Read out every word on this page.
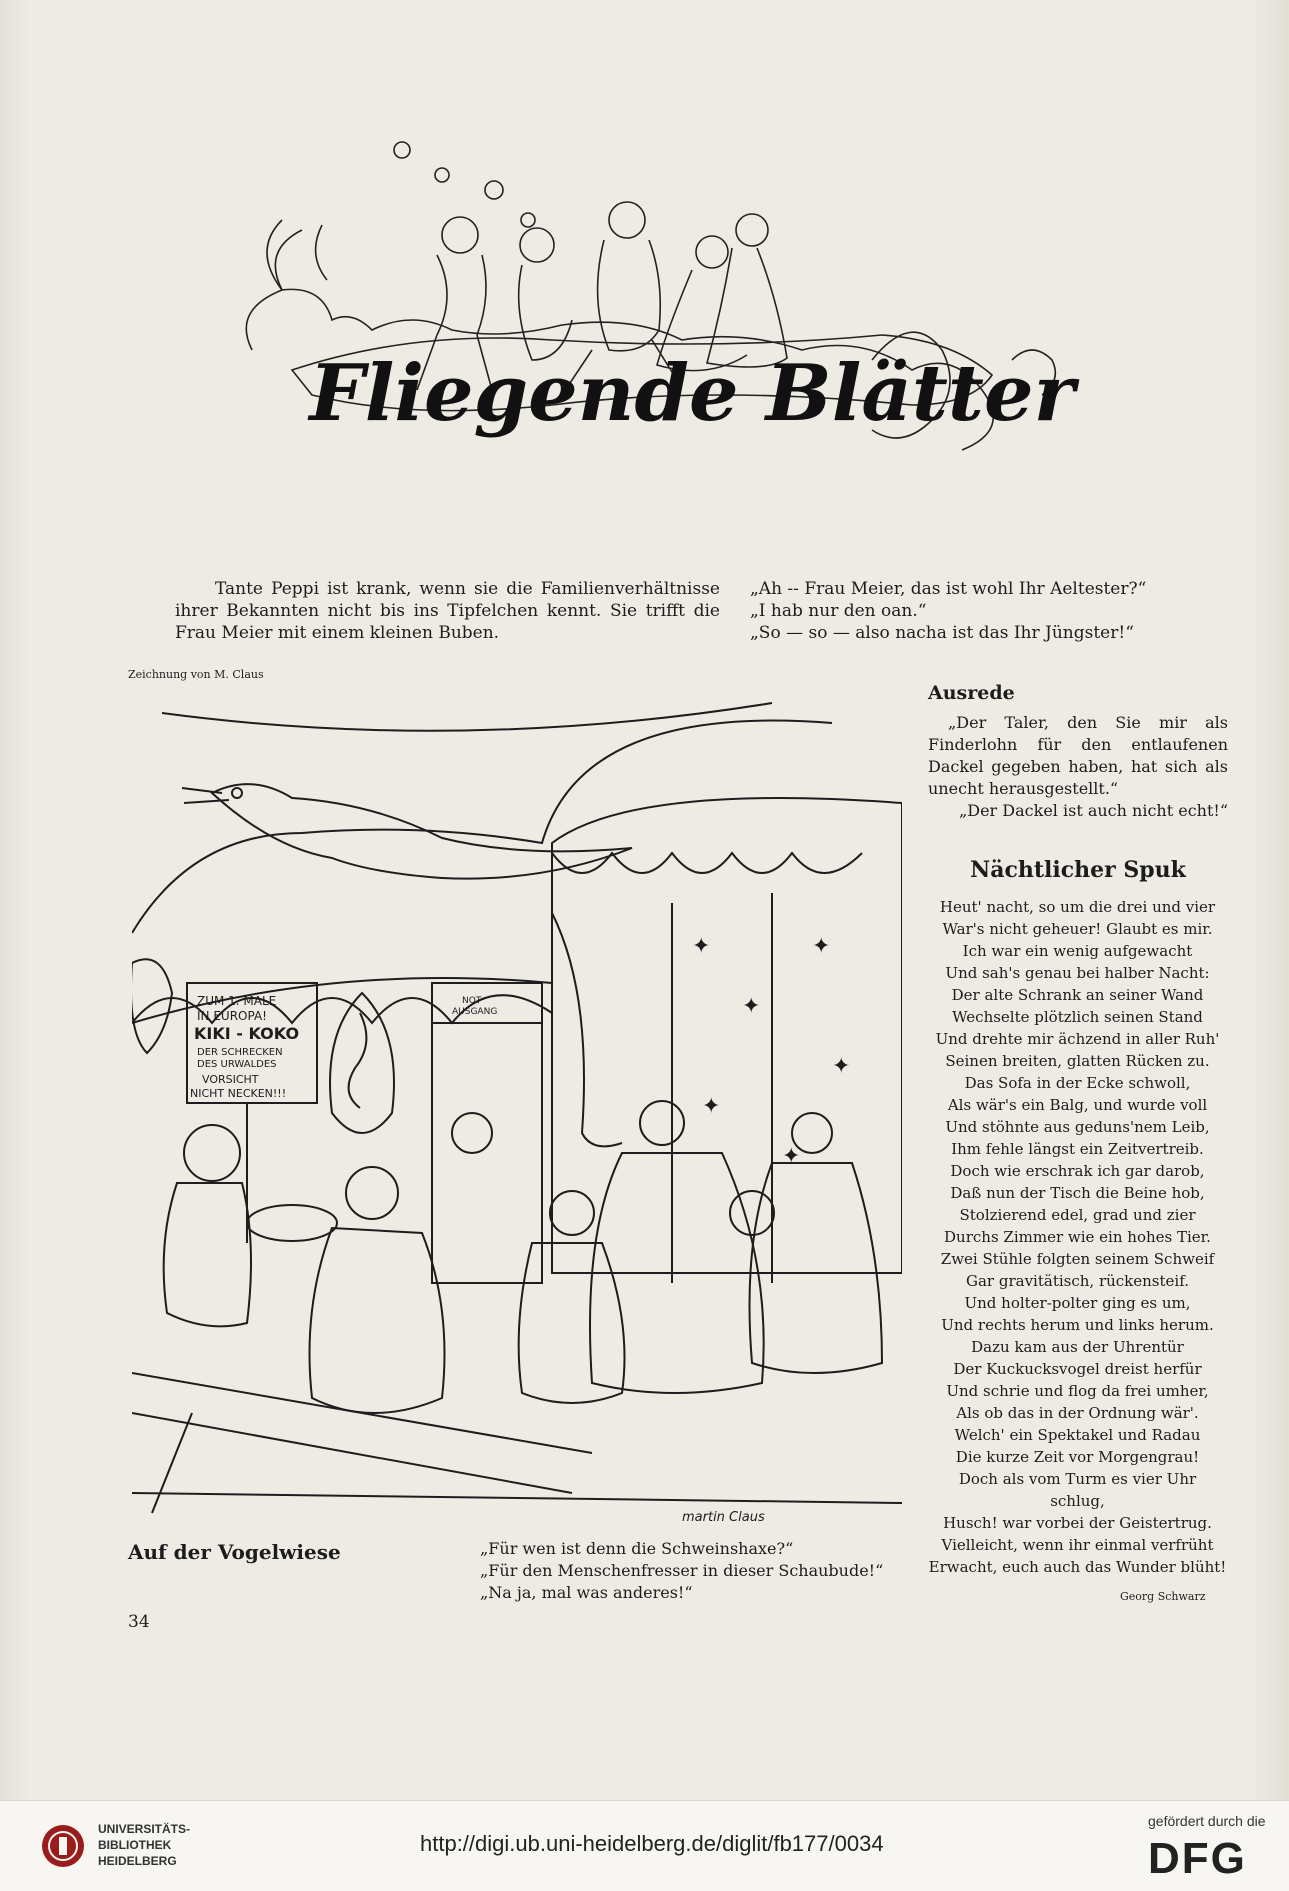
Fliegende Blätter
Tante Peppi ist krank, wenn sie die Familienverhältnisse ihrer Bekannten nicht bis ins Tipfelchen kennt. Sie trifft die Frau Meier mit einem kleinen Buben.

„Ah -- Frau Meier, das ist wohl Ihr Aeltester?“

„I hab nur den oan.“

„So — so — also nacha ist das Ihr Jüngster!“

Zeichnung von M. Claus
✦
✦
✦
✦
✦
✦
ZUM 1. MALE
IN EUROPA!
KIKI - KOKO
DER SCHRECKEN
DES URWALDES
VORSICHT
NICHT NECKEN!!!
NOT
AUSGANG
martin Claus
Ausrede

„Der Taler, den Sie mir als Finderlohn für den entlaufenen Dackel gegeben haben, hat sich als unecht herausgestellt.“

„Der Dackel ist auch nicht echt!“

Nächtlicher Spuk
Heut' nacht, so um die drei und vier
War's nicht geheuer! Glaubt es mir.
Ich war ein wenig aufgewacht
Und sah's genau bei halber Nacht:
Der alte Schrank an seiner Wand
Wechselte plötzlich seinen Stand
Und drehte mir ächzend in aller Ruh'
Seinen breiten, glatten Rücken zu.
Das Sofa in der Ecke schwoll,
Als wär's ein Balg, und wurde voll
Und stöhnte aus geduns'nem Leib,
Ihm fehle längst ein Zeitvertreib.
Doch wie erschrak ich gar darob,
Daß nun der Tisch die Beine hob,
Stolzierend edel, grad und zier
Durchs Zimmer wie ein hohes Tier.
Zwei Stühle folgten seinem Schweif
Gar gravitätisch, rückensteif.
Und holter-polter ging es um,
Und rechts herum und links herum.
Dazu kam aus der Uhrentür
Der Kuckucksvogel dreist herfür
Und schrie und flog da frei umher,
Als ob das in der Ordnung wär'.
Welch' ein Spektakel und Radau
Die kurze Zeit vor Morgengrau!
Doch als vom Turm es vier Uhr
schlug,
Husch! war vorbei der Geistertrug.
Vielleicht, wenn ihr einmal verfrüht
Erwacht, euch auch das Wunder blüht!
Georg Schwarz
Auf der Vogelwiese	„Für wen ist denn die Schweinshaxe?“
„Für den Menschenfresser in dieser Schaubude!“
„Na ja, mal was anderes!“
34
UNIVERSITÄTS-
BIBLIOTHEK
HEIDELBERG
http://digi.ub.uni-heidelberg.de/diglit/fb177/0034
gefördert durch die
DFG
